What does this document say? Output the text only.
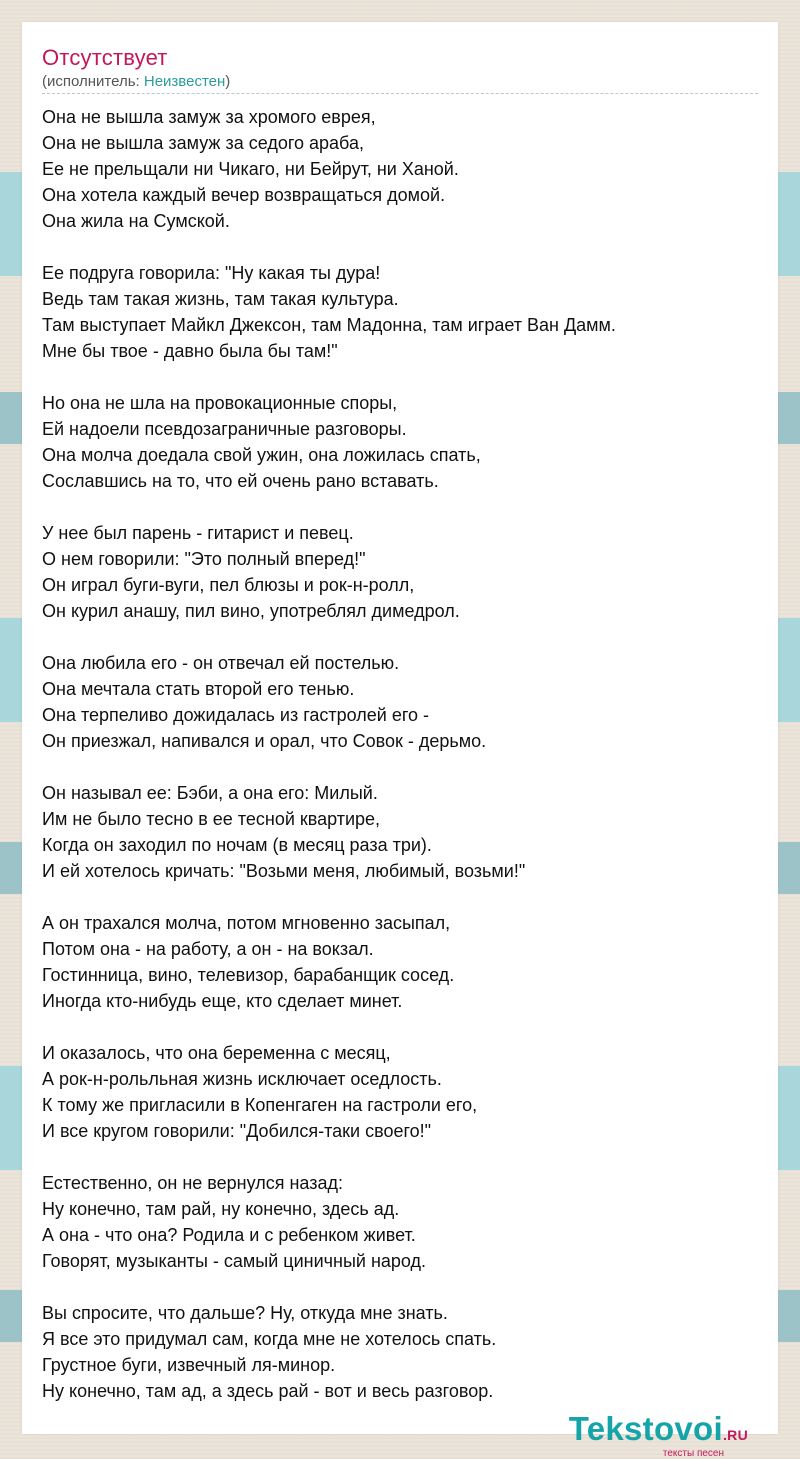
Отсутствует
(исполнитель: Неизвестен)
Она не вышла замуж за хромого еврея,
Она не вышла замуж за седого араба,
Ее не прельщали ни Чикаго, ни Бейрут, ни Ханой.
Она хотела каждый вечер возвращаться домой.
Она жила на Сумской.
Ее подруга говорила: "Ну какая ты дура!
Ведь там такая жизнь, там такая культура.
Там выступает Майкл Джексон, там Мадонна, там играет Ван Дамм.
Мне бы твое - давно была бы там!"
Но она не шла на провокационные споры,
Ей надоели псевдозаграничные разговоры.
Она молча доедала свой ужин, она ложилась спать,
Сославшись на то, что ей очень рано вставать.
У нее был парень - гитарист и певец.
О нем говорили: "Это полный вперед!"
Он играл буги-вуги, пел блюзы и рок-н-ролл,
Он курил анашу, пил вино, употреблял димедрол.
Она любила его - он отвечал ей постелью.
Она мечтала стать второй его тенью.
Она терпеливо дожидалась из гастролей его -
Он приезжал, напивался и орал, что Совок - дерьмо.
Он называл ее: Бэби, а она его: Милый.
Им не было тесно в ее тесной квартире,
Когда он заходил по ночам (в месяц раза три).
И ей хотелось кричать: "Возьми меня, любимый, возьми!"
А он трахался молча, потом мгновенно засыпал,
Потом она - на работу, а он - на вокзал.
Гостинница, вино, телевизор, барабанщик сосед.
Иногда кто-нибудь еще, кто сделает минет.
И оказалось, что она беременна с месяц,
А рок-н-рольльная жизнь исключает оседлость.
К тому же пригласили в Копенгаген на гастроли его,
И все кругом говорили: "Добился-таки своего!"
Естественно, он не вернулся назад:
Ну конечно, там рай, ну конечно, здесь ад.
А она - что она? Родила и с ребенком живет.
Говорят, музыканты - самый циничный народ.
Вы спросите, что дальше? Ну, откуда мне знать.
Я все это придумал сам, когда мне не хотелось спать.
Грустное буги, извечный ля-минор.
Ну конечно, там ад, а здесь рай - вот и весь разговор.
Tekstovoi.RU
тексты песен
